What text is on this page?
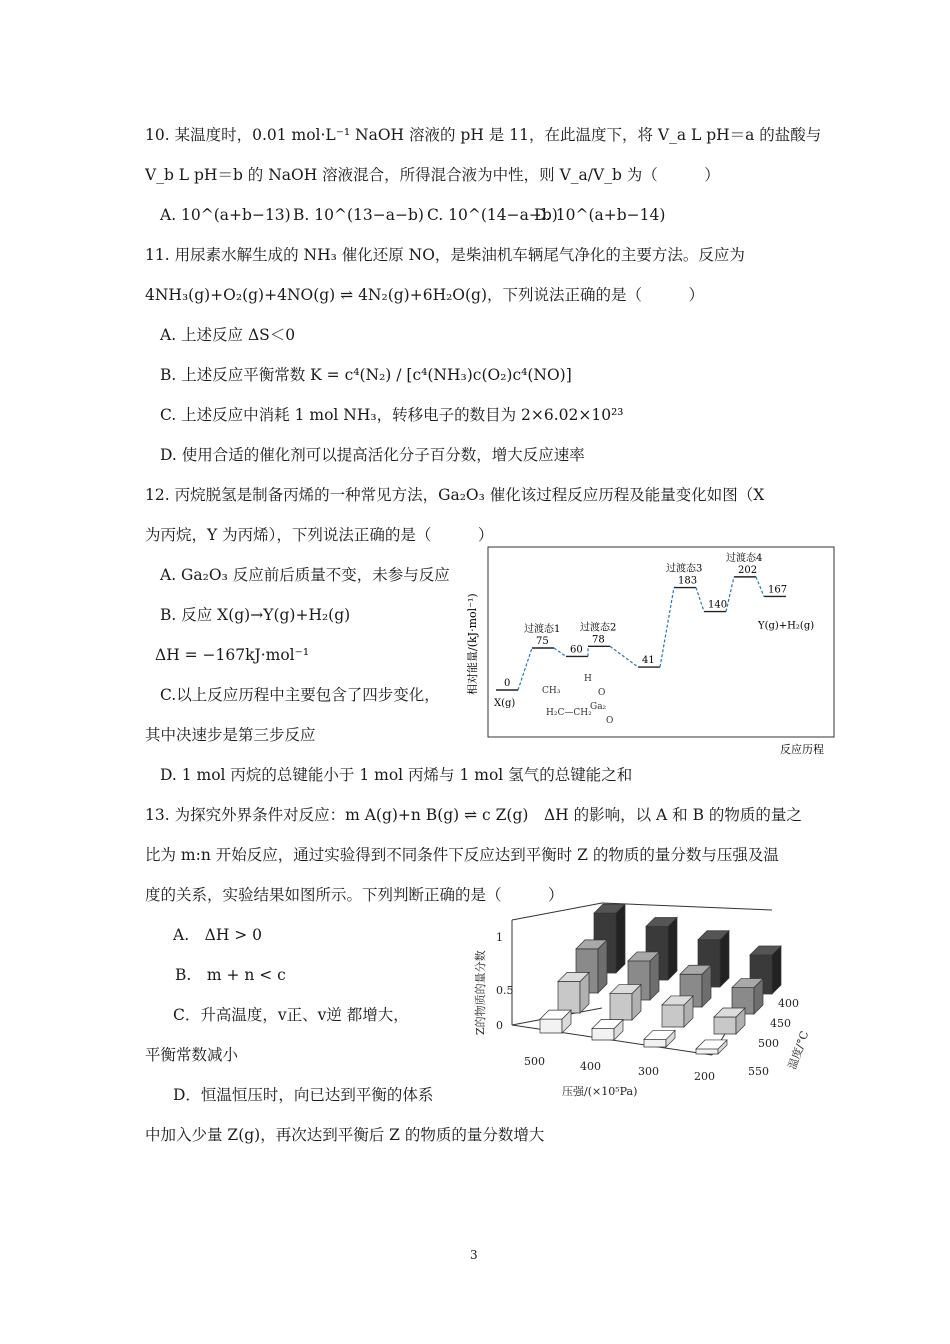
10. 某温度时，0.01 mol·L⁻¹ NaOH 溶液的 pH 是 11，在此温度下，将 V_a L pH＝a 的盐酸与
V_b L pH＝b 的 NaOH 溶液混合，所得混合液为中性，则 V_a/V_b 为（　　　）
A. 10^(a+b−13) B. 10^(13−a−b) C. 10^(14−a−b)
D. 10^(a+b−14)
11. 用尿素水解生成的 NH₃ 催化还原 NO，是柴油机车辆尾气净化的主要方法。反应为
4NH₃(g)+O₂(g)+4NO(g) ⇌ 4N₂(g)+6H₂O(g)，下列说法正确的是（　　　）
A. 上述反应 ΔS＜0
B. 上述反应平衡常数 K = c⁴(N₂) / [c⁴(NH₃)c(O₂)c⁴(NO)]
C. 上述反应中消耗 1 mol NH₃，转移电子的数目为 2×6.02×10²³
D. 使用合适的催化剂可以提高活化分子百分数，增大反应速率
12. 丙烷脱氢是制备丙烯的一种常见方法，Ga₂O₃ 催化该过程反应历程及能量变化如图（X
为丙烷，Y 为丙烯），下列说法正确的是（　　　）
A. Ga₂O₃ 反应前后质量不变，未参与反应
B. 反应 X(g)→Y(g)+H₂(g)
ΔH = −167kJ·mol⁻¹
C.以上反应历程中主要包含了四步变化，
其中决速步是第三步反应
D. 1 mol 丙烷的总键能小于 1 mol 丙烯与 1 mol 氢气的总键能之和
相对能量/(kJ·mol⁻¹)
反应历程
0
X(g)
75
过渡态1
60
78
过渡态2
41
183
过渡态3
140
202
过渡态4
167
Y(g)+H₂(g)
CH₃
H
H₂C—CH₂
O
Ga₂
O
13. 为探究外界条件对反应：m A(g)+n B(g) ⇌ c Z(g)　ΔH 的影响，以 A 和 B 的物质的量之
比为 m:n 开始反应，通过实验得到不同条件下反应达到平衡时 Z 的物质的量分数与压强及温
度的关系，实验结果如图所示。下列判断正确的是（　　　）
A.　ΔH > 0
B.　m + n < c
C．升高温度，v正、v逆 都增大，
平衡常数减小
D．恒温恒压时，向已达到平衡的体系
中加入少量 Z(g)，再次达到平衡后 Z 的物质的量分数增大
0
0.5
1
Z的物质的量分数
压强/(×10⁵Pa)
温度/°C
500	400	300	200
400
450
500
550
3
